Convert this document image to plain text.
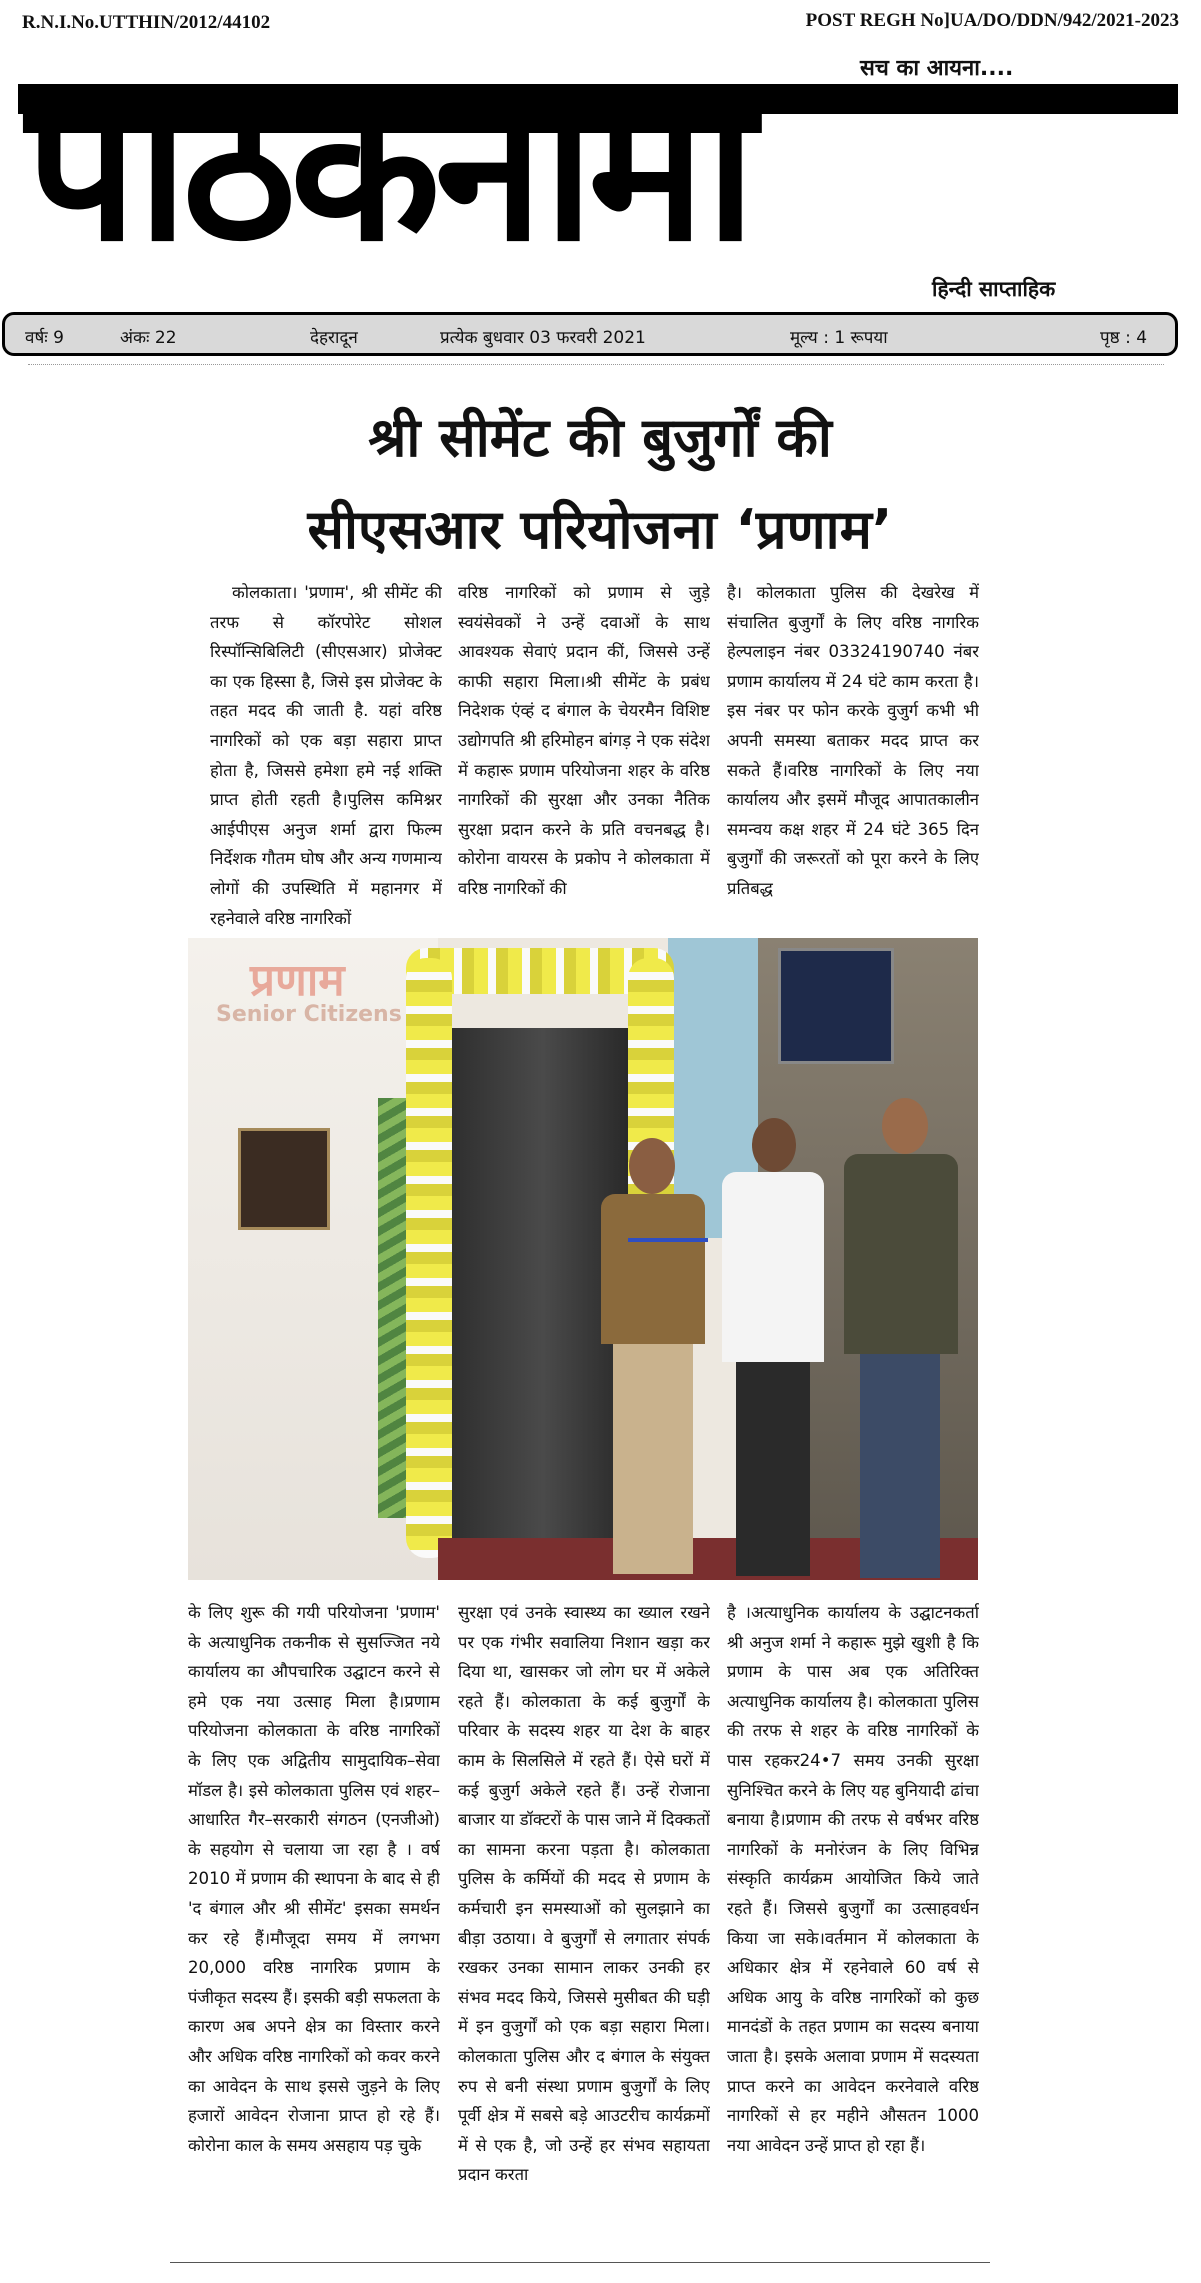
R.N.I.No.UTTHIN/2012/44102	POST REGH No]UA/DO/DDN/942/2021-2023
सच का आयना....
पाठकनामा
हिन्दी साप्ताहिक
वर्षः 9	अंकः 22	देहरादून	प्रत्येक बुधवार 03 फरवरी 2021	मूल्य : 1 रूपया	पृष्ठ : 4
श्री सीमेंट की बुजुर्गों की
सीएसआर परियोजना ‘प्रणाम’
कोलकाता। 'प्रणाम', श्री सीमेंट की तरफ से कॉरपोरेट सोशल रिस्पॉन्सिबिलिटी (सीएसआर) प्रोजेक्ट का एक हिस्सा है, जिसे इस प्रोजेक्ट के तहत मदद की जाती है. यहां वरिष्ठ नागरिकों को एक बड़ा सहारा प्राप्त होता है, जिससे हमेशा हमे नई शक्ति प्राप्त होती रहती है।पुलिस कमिश्नर आईपीएस अनुज शर्मा द्वारा फिल्म निर्देशक गौतम घोष और अन्य गणमान्य लोगों की उपस्थिति में महानगर में रहनेवाले वरिष्ठ नागरिकों
वरिष्ठ नागरिकों को प्रणाम से जुड़े स्वयंसेवकों ने उन्हें दवाओं के साथ आवश्यक सेवाएं प्रदान कीं, जिससे उन्हें काफी सहारा मिला।श्री सीमेंट के प्रबंध निदेशक एंव्हं द बंगाल के चेयरमैन विशिष्ट उद्योगपति श्री हरिमोहन बांगड़ ने एक संदेश में कहारू प्रणाम परियोजना शहर के वरिष्ठ नागरिकों की सुरक्षा और उनका नैतिक सुरक्षा प्रदान करने के प्रति वचनबद्ध है। कोरोना वायरस के प्रकोप ने कोलकाता में वरिष्ठ नागरिकों की
है। कोलकाता पुलिस की देखरेख में संचालित बुजुर्गों के लिए वरिष्ठ नागरिक हेल्पलाइन नंबर 03324190740 नंबर प्रणाम कार्यालय में 24 घंटे काम करता है। इस नंबर पर फोन करके वुजुर्ग कभी भी अपनी समस्या बताकर मदद प्राप्त कर सकते हैं।वरिष्ठ नागरिकों के लिए नया कार्यालय और इसमें मौजूद आपातकालीन समन्वय कक्ष शहर में 24 घंटे 365 दिन बुजुर्गों की जरूरतों को पूरा करने के लिए प्रतिबद्ध
प्रणाम
Senior Citizens
के लिए शुरू की गयी परियोजना 'प्रणाम' के अत्याधुनिक तकनीक से सुसज्जित नये कार्यालय का औपचारिक उद्घाटन करने से हमे एक नया उत्साह मिला है।प्रणाम परियोजना कोलकाता के वरिष्ठ नागरिकों के लिए एक अद्वितीय सामुदायिक–सेवा मॉडल है। इसे कोलकाता पुलिस एवं शहर–आधारित गैर–सरकारी संगठन (एनजीओ) के सहयोग से चलाया जा रहा है । वर्ष 2010 में प्रणाम की स्थापना के बाद से ही 'द बंगाल और श्री सीमेंट' इसका समर्थन कर रहे हैं।मौजूदा समय में लगभग 20,000 वरिष्ठ नागरिक प्रणाम के पंजीकृत सदस्य हैं। इसकी बड़ी सफलता के कारण अब अपने क्षेत्र का विस्तार करने और अधिक वरिष्ठ नागरिकों को कवर करने का आवेदन के साथ इससे जुड़ने के लिए हजारों आवेदन रोजाना प्राप्त हो रहे हैं। कोरोना काल के समय असहाय पड़ चुके
सुरक्षा एवं उनके स्वास्थ्य का ख्याल रखने पर एक गंभीर सवालिया निशान खड़ा कर दिया था, खासकर जो लोग घर में अकेले रहते हैं। कोलकाता के कई बुजुर्गों के परिवार के सदस्य शहर या देश के बाहर काम के सिलसिले में रहते हैं। ऐसे घरों में कई बुजुर्ग अकेले रहते हैं। उन्हें रोजाना बाजार या डॉक्टरों के पास जाने में दिक्कतों का सामना करना पड़ता है। कोलकाता पुलिस के कर्मियों की मदद से प्रणाम के कर्मचारी इन समस्याओं को सुलझाने का बीड़ा उठाया। वे बुजुर्गों से लगातार संपर्क रखकर उनका सामान लाकर उनकी हर संभव मदद किये, जिससे मुसीबत की घड़ी में इन वुजुर्गों को एक बड़ा सहारा मिला।कोलकाता पुलिस और द बंगाल के संयुक्त रुप से बनी संस्था प्रणाम बुजुर्गों के लिए पूर्वी क्षेत्र में सबसे बड़े आउटरीच कार्यक्रमों में से एक है, जो उन्हें हर संभव सहायता प्रदान करता
है ।अत्याधुनिक कार्यालय के उद्घाटनकर्ता श्री अनुज शर्मा ने कहारू मुझे खुशी है कि प्रणाम के पास अब एक अतिरिक्त अत्याधुनिक कार्यालय है। कोलकाता पुलिस की तरफ से शहर के वरिष्ठ नागरिकों के पास रहकर24•7 समय उनकी सुरक्षा सुनिश्चित करने के लिए यह बुनियादी ढांचा बनाया है।प्रणाम की तरफ से वर्षभर वरिष्ठ नागरिकों के मनोरंजन के लिए विभिन्न संस्कृति कार्यक्रम आयोजित किये जाते रहते हैं। जिससे बुजुर्गों का उत्साहवर्धन किया जा सके।वर्तमान में कोलकाता के अधिकार क्षेत्र में रहनेवाले 60 वर्ष से अधिक आयु के वरिष्ठ नागरिकों को कुछ मानदंडों के तहत प्रणाम का सदस्य बनाया जाता है। इसके अलावा प्रणाम में सदस्यता प्राप्त करने का आवेदन करनेवाले वरिष्ठ नागरिकों से हर महीने औसतन 1000 नया आवेदन उन्हें प्राप्त हो रहा हैं।
